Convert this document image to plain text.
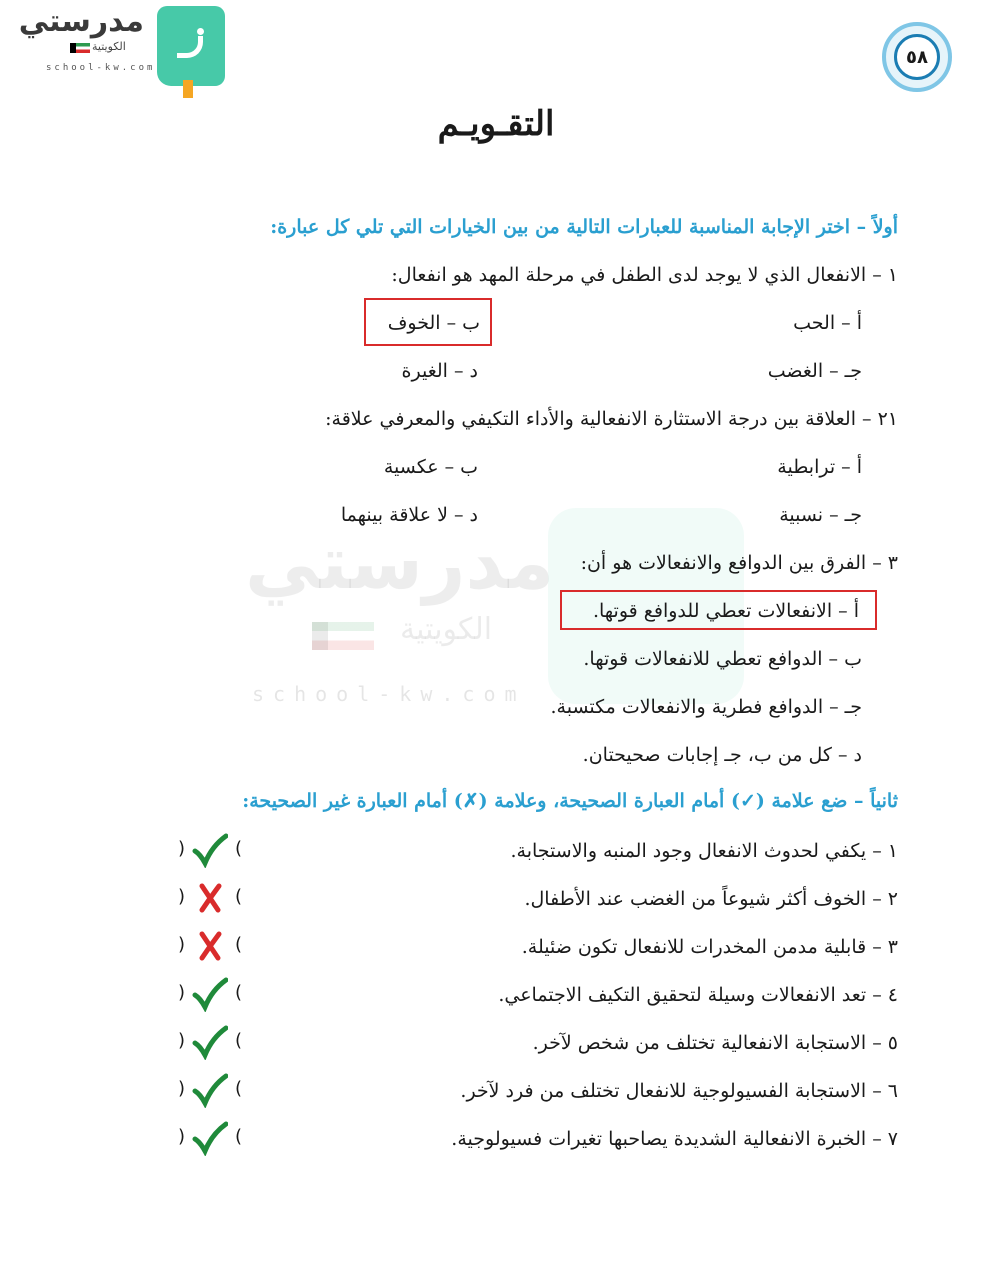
مدرستي
الكويتية
school-kw.com
٥٨
التقـويـم
مدرستي
الكويتية
school-kw.com
أولاً – اختر الإجابة المناسبة للعبارات التالية من بين الخيارات التي تلي كل عبارة:
١ – الانفعال الذي لا يوجد لدى الطفل في مرحلة المهد هو انفعال:
أ – الحب
ب – الخوف
جـ – الغضب
د – الغيرة
٢١ – العلاقة بين درجة الاستثارة الانفعالية والأداء التكيفي والمعرفي علاقة:
أ – ترابطية
ب – عكسية
جـ – نسبية
د – لا علاقة بينهما
٣ – الفرق بين الدوافع والانفعالات هو أن:
أ – الانفعالات تعطي للدوافع قوتها.
ب – الدوافع تعطي للانفعالات قوتها.
جـ – الدوافع فطرية والانفعالات مكتسبة.
د – كل من ب، جـ إجابات صحيحتان.
ثانياً – ضع علامة (✓) أمام العبارة الصحيحة، وعلامة (✗) أمام العبارة غير الصحيحة:
١ – يكفي لحدوث الانفعال وجود المنبه والاستجابة.
(
)
٢ – الخوف أكثر شيوعاً من الغضب عند الأطفال.
(
)
٣ – قابلية مدمن المخدرات للانفعال تكون ضئيلة.
(
)
٤ – تعد الانفعالات وسيلة لتحقيق التكيف الاجتماعي.
(
)
٥ – الاستجابة الانفعالية تختلف من شخص لآخر.
(
)
٦ – الاستجابة الفسيولوجية للانفعال تختلف من فرد لآخر.
(
)
٧ – الخبرة الانفعالية الشديدة يصاحبها تغيرات فسيولوجية.
(
)
